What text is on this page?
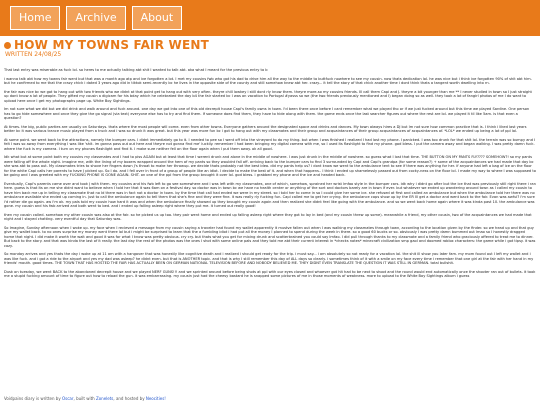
Home	Archive	About
HOW MY TOWNS FAIR WENT
WRITTEN 24/08/25

That last entry was miserable as fuck lol. so heres to me actually talking abt shit I wanted to talk abt. aka what I meant for the previous entry to b

i wanna talk abt how my towns fair went but that was a month ago atp and ive forgotten a lot. I met my cousins fwb who got his dad to drive him all the way to the middle to buttfuck nowhere to see my cousin. now thats dedication lol. he was nice but i think ive forgotten 90% of shit abt him. but he confirmed to me that the crazy chick i dated 3 years ago did in tiktok semi-recently bc he lives in the opposite side of the county and still somehow knew abt her. crazy... it tell the story of that chick another time i dont think thats a tangent worth dwelling into rn.

the fair was nice bc we got to hang out with two friends who we didnt at that point get to hang out with very often. theyre chill lowkey i still dont rly know them. theyre more-so my cousins friends. Ill call them Capi and J. theyre a bit younger than me ** I never studied in town so I just straight up dont know a lot of people. They gifted my cousin a digicam for his bday which he celebrated the day b4 the fair started bc I was on vacation to Portugal #yasss so we (the two friends previously mentioned and I) began doing so as well. they took a lot of fangirl photos of me I do want to upload here once I get my photographs page up. White Boy Sightings.

Im not sure what we did but we did drink and walk around and fuck around. one day we got into one of this old decrepit house Capi's family owns in town. I'd been there once before I cant remember what we played tho or if we just fucked around but this time we played Sardine. One person has to go hide somewhere and once they give the go signal (via text) everyone else has to try and find them. If someone does find them, they have to hide along with them. the game ends once the last searcher figures out where the rest are lol. we played it til like 5am. is that even a question?

At times. the big, public parties are usually on Saturdays. thats where the most people will come. even from other towns. Everyone gathers around the designated space and drinks and dances. My town always hires a DJ but Im not sure how common practice that is. I think i liked last years better bc it was various trance music played from a truck and i was so drunk it was great. but this year was more fun bc i got to hang out with my classmates and their group and acquaintances of their group acquaintances of acquaintances of. *LOL* we ended up being a lot of ppl lol.

At some point. we went back to the attractions, namely the bumper cars. I didnt immediately go to it. I needed to pee so I went off into the vineyard to do my thing. but when I was finished I realized I had lost my phone. I panicked. I was too drunk for that shit lol. the terrain was so bumpy and I felt I was so away from everything I was like 'shit. im gonna pass out out here and theyre not gonna find me' luckily. remember I had been bringing my digital camera with me, so I used its flashlight to find my phone. god bless. I put the camera away and began walking. I was pretty damn fuck. where the fuck is my camera. I turn on my phones flashlight and find it. I make sure neither fell on the floor again when I put them away. ok all good.

Idk what but at some point both my cousins my classmates and I had to piss AGAIN but at least that time I werent drunk and alone in the middle of nowhere. I was just drunk in the middle of nowhere. so guess what I lost that time. THE BUTTON ON MY PANTS FLY???? SOMEHOW?! so my pants were falling off the whole night. imagine me, with the lining of my boxers wrapped around the hem of my pants so they wouldnt fall off. arriving back to the bumper cars to find 3 surrounded by Capi and Capi's grandpa (for some reason?) + some of the acquaintances we had made that day bc she was abt to pass out. My classmates tries to shove her fingers down J's throat to make her throwup. we decide thats probably not the best idea. did my pants help us? i dont know we went to the ambulance tent to see if there was anything for her. if anyone had left a bag of ice on the floor for the white Capi calls her parents to have J picked up. So I do. and I fell over in front of a group of people like an idiot. I decide to make the best of it. and when that happens.. I think i ended up shamelessly passed out from cocky-ness on the floor lol. I made my way to where I was supposed to be going and I was greeted with my FUCKING PHONE IS GONE AGAIN. SHIT. on one of the ppl from the group brought it over lol. god bless. i grabbed my phone and the ice and headed back.

Eventually, Capi's parents came over and took J with them. my cousins and his fwb left to go see somewhere and i was left with my classmates, one of which, somehow, sprained her wrist lmfao style in the bumper cars. idk why i didnt go after but the ice that was previously still right there i ran here. guess is that its on me she didnt want to believe when I told her that it was 6am on a festival day. so doctor was in town bc we have no health center or anything of the sort and doctors barely are in town if ever. but whatever we ended up wandering around town as I called my cousin to have him back me up in telling my classmate that no Id there was in fact not a doctor in town. by the time that call had ended we were in my street. so i told her to come in so I could give her some ice. she refused at first and called an ambulance but when the ambulance told her there was no ambulance available she ended up coming in. just to call the ambulance again to tell them that she's fine and they were fine. it was really rly fucking fun. Capi called me to get her crying. the ambulance cops show up by the ER Ill get a doctor and went back to the fair. Evan was awful? i'm sure i'd rather die go again. aw i'm ok. my pals told my cousin how hard it was and when the ambulance finally showed up they brought my cousin again and then realized she didnt feel like going with the ambulance. and so we went back home again where it was kinda past 10. the ambulance was gone. my cousin and his fwb arrived and both went to bed. and i ended up falling asleep right where they put me. it turned out really good!

then my cousin called. somehow my other cousin was also at the fair. so he picked us up too. they pair went home and ended up falling asleep right where they got to lay in bed (and my cousin threw up some). meanwhile a friend, my other cousin, two of the acquaintances we had made that night and I stayed chatting. very eventful day that Saturday was.

So Imagine, Sunday afternoon when I woke up. my face when I recieved a message from my cousin saying a traveler had found my wallet apparently it mustve fallen out when I was walking my classmates through town, according to the location given by the finder. so we head up and that guy give my wallet back. to no ones surprise my money went there lol but i might be surprised to learn that the a fumbling idiot i had put all the money I planned to spend during the week in there. so a good 60 bucks or so. obviously I was pretty damn bummed out lmao so I honestly dragged home that night. I did make it worth the wait and good it was for what I know was pretty obvious. cry cry. but thats what you get for mixing drunk and scatterbrained you could say lmfao. I did pull through thanks to my classmate and a family friend who graciously offered to treat me to dinner. But back to the story. and that was kinda the last of it really. the last day the rest of the photos was the ones I shot with some online pals and they told me abt their current interest in *checks notes* minecraft civilization smp gaol and doomed roblox characters: the game while i got tipsy. it was cozy.

So monday arrives and yes thats the day i woke up at 11 am with a hangover that was honestly like cognitive death and i realized i should get ready for the trip. i must say... i am absolutely so not ready for a vacation lol. the shit ill show you later fam. my mom found out I left my wallet and i was like fuck. and i got a ride to the airport and yes my dad was asleep? he didnt even. but that is ANOTHER topic. and that is why I still remember this day of ALL days so clearly. i sometimes think of it with a smile on my face every time i remember that one girl at the fair with her hand in my friends' mouth. good times. THE TOWN THAT HAS HOSTED THE FAIR HAS ACTUALLY BEEN ON GERMAN NATIONAL TELEVISION BEFORE AND NOBODY BELIEVED ME. THEY DIDNT EVEN TRANSLATE THE QUESTION IT WAS STILL IN GERMAN. total bullshit.

Dusk on tuesday, we went BACK to the abandoned decrepit house and we played NERF GUNS!!! and we sprinted around before being shots at ppl with our eyes closed and whoever got hit had to be next to shoot and the round would end automatically once the shooter ran out of bullets. it took me a stupid fucking amount of time to figure out how to reload the gun. it was embarrassing. my cousin just had the cheesy bastard he is snapped some pictures of me in those moments of weakness. more to upload to the White Boy Sightings album i guess

Voidpains diary is written by Oscar, built with Zonelets, and hosted by Neocities!
